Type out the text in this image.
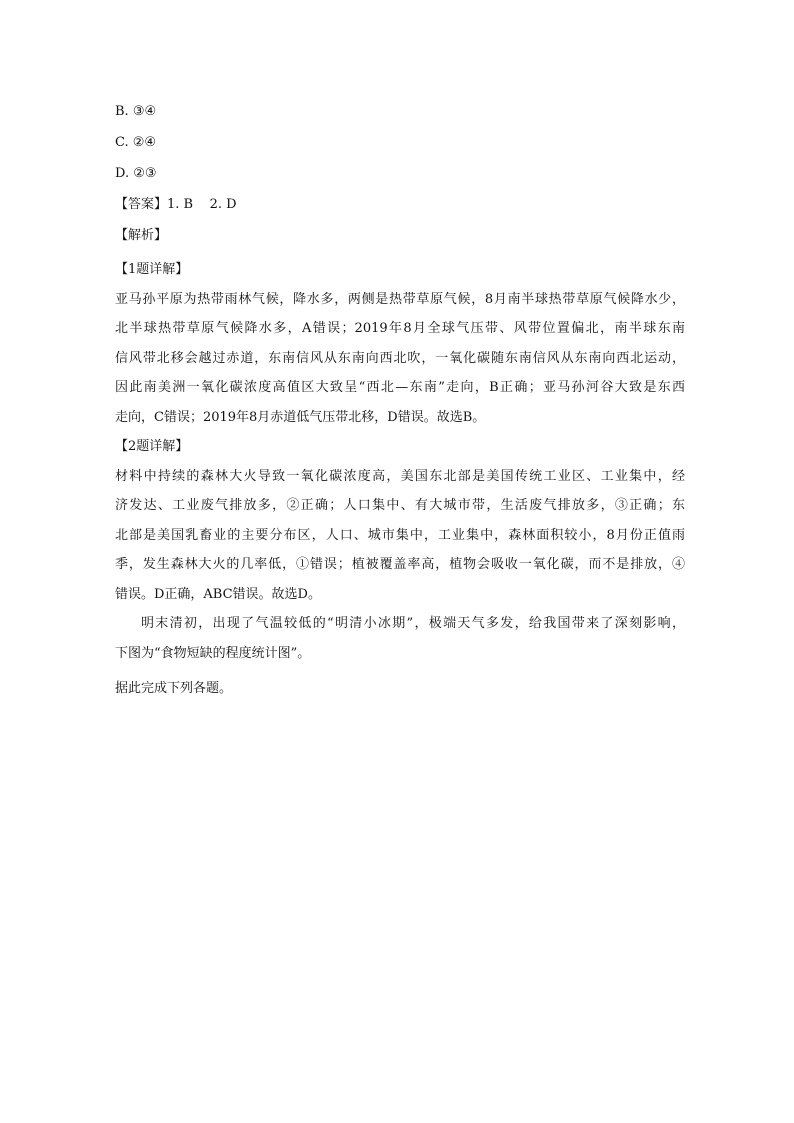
B. ③④
C. ②④
D. ②③
【答案】1. B    2. D
【解析】
【1题详解】

亚马孙平原为热带雨林气候，降水多，两侧是热带草原气候，8月南半球热带草原气候降水少，

北半球热带草原气候降水多，A错误；2019年8月全球气压带、风带位置偏北，南半球东南

信风带北移会越过赤道，东南信风从东南向西北吹，一氧化碳随东南信风从东南向西北运动，

因此南美洲一氧化碳浓度高值区大致呈“西北—东南”走向，B正确；亚马孙河谷大致是东西

走向，C错误；2019年8月赤道低气压带北移，D错误。故选B。

【2题详解】

材料中持续的森林大火导致一氧化碳浓度高，美国东北部是美国传统工业区、工业集中，经

济发达、工业废气排放多，②正确；人口集中、有大城市带，生活废气排放多，③正确；东

北部是美国乳畜业的主要分布区，人口、城市集中，工业集中，森林面积较小，8月份正值雨

季，发生森林大火的几率低，①错误；植被覆盖率高，植物会吸收一氧化碳，而不是排放，④

错误。D正确，ABC错误。故选D。

明末清初，出现了气温较低的“明清小冰期”，极端天气多发，给我国带来了深刻影响，

下图为“食物短缺的程度统计图”。

据此完成下列各题。
